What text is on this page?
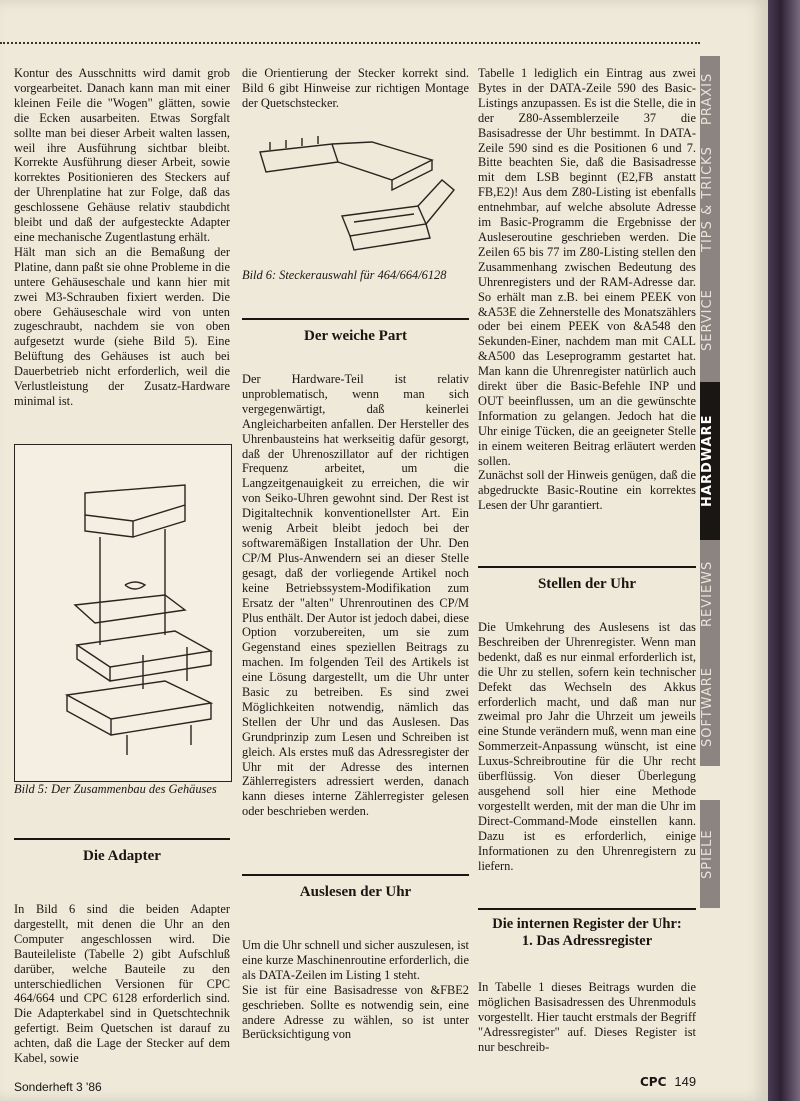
Kontur des Ausschnitts wird damit grob vorgearbeitet. Danach kann man mit einer kleinen Feile die "Wogen" glätten, sowie die Ecken ausarbeiten. Etwas Sorgfalt sollte man bei dieser Arbeit walten lassen, weil ihre Ausführung sichtbar bleibt. Korrekte Ausführung dieser Arbeit, sowie korrektes Positionieren des Steckers auf der Uhrenplatine hat zur Folge, daß das geschlossene Gehäuse relativ staubdicht bleibt und daß der aufgesteckte Adapter eine mechanische Zugentlastung erhält.

Hält man sich an die Bemaßung der Platine, dann paßt sie ohne Probleme in die untere Gehäuseschale und kann hier mit zwei M3-Schrauben fixiert werden. Die obere Gehäuseschale wird von unten zugeschraubt, nachdem sie von oben aufgesetzt wurde (siehe Bild 5). Eine Belüftung des Gehäuses ist auch bei Dauerbetrieb nicht erforderlich, weil die Verlustleistung der Zusatz-Hardware minimal ist.

Bild 5: Der Zusammenbau des Gehäuses
Die Adapter

In Bild 6 sind die beiden Adapter dargestellt, mit denen die Uhr an den Computer angeschlossen wird. Die Bauteileliste (Tabelle 2) gibt Aufschluß darüber, welche Bauteile zu den unterschiedlichen Versionen für CPC 464/664 und CPC 6128 erforderlich sind. Die Adapterkabel sind in Quetschtechnik gefertigt. Beim Quetschen ist darauf zu achten, daß die Lage der Stecker auf dem Kabel, sowie

die Orientierung der Stecker korrekt sind. Bild 6 gibt Hinweise zur richtigen Montage der Quetschstecker.

Bild 6: Steckerauswahl für 464/664/6128
Der weiche Part

Der Hardware-Teil ist relativ unproblematisch, wenn man sich vergegenwärtigt, daß keinerlei Angleicharbeiten anfallen. Der Hersteller des Uhrenbausteins hat werkseitig dafür gesorgt, daß der Uhrenoszillator auf der richtigen Frequenz arbeitet, um die Langzeitgenauigkeit zu erreichen, die wir von Seiko-Uhren gewohnt sind. Der Rest ist Digitaltechnik konventionellster Art. Ein wenig Arbeit bleibt jedoch bei der softwaremäßigen Installation der Uhr. Den CP/M Plus-Anwendern sei an dieser Stelle gesagt, daß der vorliegende Artikel noch keine Betriebssystem-Modifikation zum Ersatz der "alten" Uhrenroutinen des CP/M Plus enthält. Der Autor ist jedoch dabei, diese Option vorzubereiten, um sie zum Gegenstand eines speziellen Beitrags zu machen. Im folgenden Teil des Artikels ist eine Lösung dargestellt, um die Uhr unter Basic zu betreiben. Es sind zwei Möglichkeiten notwendig, nämlich das Stellen der Uhr und das Auslesen. Das Grundprinzip zum Lesen und Schreiben ist gleich. Als erstes muß das Adressregister der Uhr mit der Adresse des internen Zählerregisters adressiert werden, danach kann dieses interne Zählerregister gelesen oder beschrieben werden.

Auslesen der Uhr

Um die Uhr schnell und sicher auszulesen, ist eine kurze Maschinenroutine erforderlich, die als DATA-Zeilen im Listing 1 steht.

Sie ist für eine Basisadresse von &FBE2 geschrieben. Sollte es notwendig sein, eine andere Adresse zu wählen, so ist unter Berücksichtigung von

Tabelle 1 lediglich ein Eintrag aus zwei Bytes in der DATA-Zeile 590 des Basic-Listings anzupassen. Es ist die Stelle, die in der Z80-Assemblerzeile 37 die Basisadresse der Uhr bestimmt. In DATA-Zeile 590 sind es die Positionen 6 und 7. Bitte beachten Sie, daß die Basisadresse mit dem LSB beginnt (E2,FB anstatt FB,E2)! Aus dem Z80-Listing ist ebenfalls entnehmbar, auf welche absolute Adresse im Basic-Programm die Ergebnisse der Ausleseroutine geschrieben werden. Die Zeilen 65 bis 77 im Z80-Listing stellen den Zusammenhang zwischen Bedeutung des Uhrenregisters und der RAM-Adresse dar. So erhält man z.B. bei einem PEEK von &A53E die Zehnerstelle des Monatszählers oder bei einem PEEK von &A548 den Sekunden-Einer, nachdem man mit CALL &A500 das Leseprogramm gestartet hat. Man kann die Uhrenregister natürlich auch direkt über die Basic-Befehle INP und OUT beeinflussen, um an die gewünschte Information zu gelangen. Jedoch hat die Uhr einige Tücken, die an geeigneter Stelle in einem weiteren Beitrag erläutert werden sollen.

Zunächst soll der Hinweis genügen, daß die abgedruckte Basic-Routine ein korrektes Lesen der Uhr garantiert.

Stellen der Uhr

Die Umkehrung des Auslesens ist das Beschreiben der Uhrenregister. Wenn man bedenkt, daß es nur einmal erforderlich ist, die Uhr zu stellen, sofern kein technischer Defekt das Wechseln des Akkus erforderlich macht, und daß man nur zweimal pro Jahr die Uhrzeit um jeweils eine Stunde verändern muß, wenn man eine Sommerzeit-Anpassung wünscht, ist eine Luxus-Schreibroutine für die Uhr recht überflüssig. Von dieser Überlegung ausgehend soll hier eine Methode vorgestellt werden, mit der man die Uhr im Direct-Command-Mode einstellen kann. Dazu ist es erforderlich, einige Informationen zu den Uhrenregistern zu liefern.

Die internen Register der Uhr:
1. Das Adressregister

In Tabelle 1 dieses Beitrags wurden die möglichen Basisadressen des Uhrenmoduls vorgestellt. Hier taucht erstmals der Begriff "Adressregister" auf. Dieses Register ist nur beschreib-

PRAXIS
TIPS & TRICKS
SERVICE
HARDWARE
REVIEWS
SOFTWARE
SPIELE
Sonderheft 3 '86	CPC 149
